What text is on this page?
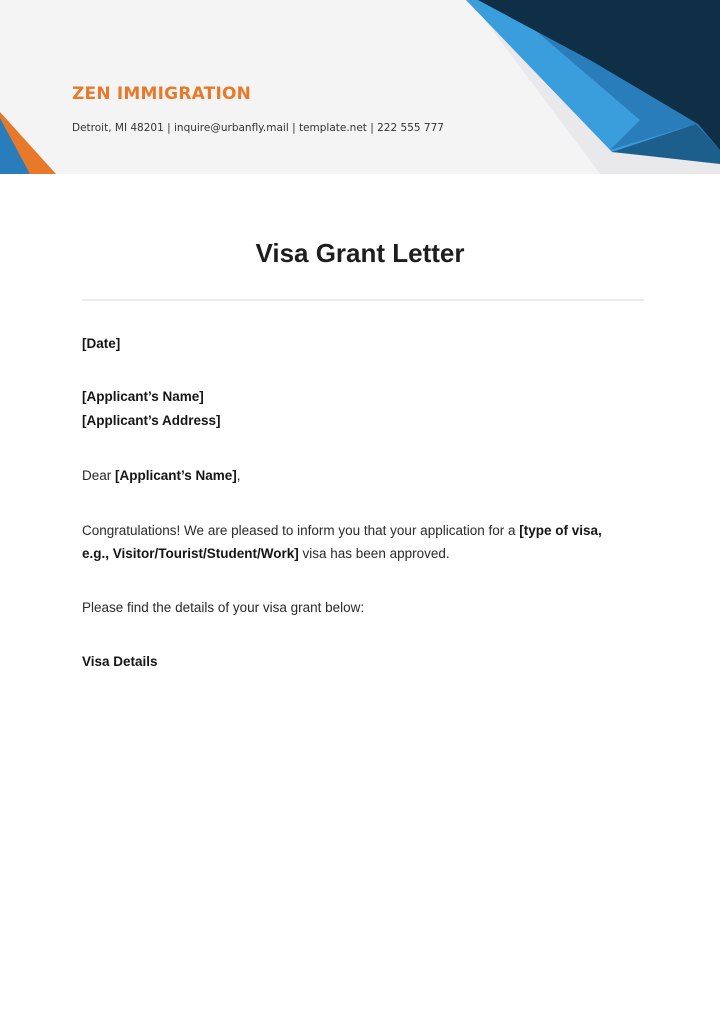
ZEN IMMIGRATION
Detroit, MI 48201 | inquire@urbanfly.mail | template.net | 222 555 777
Visa Grant Letter
[Date]
[Applicant’s Name]
[Applicant’s Address]
Dear [Applicant’s Name],
Congratulations! We are pleased to inform you that your application for a [type of visa,
e.g., Visitor/Tourist/Student/Work] visa has been approved.
Please find the details of your visa grant below:
Visa Details
